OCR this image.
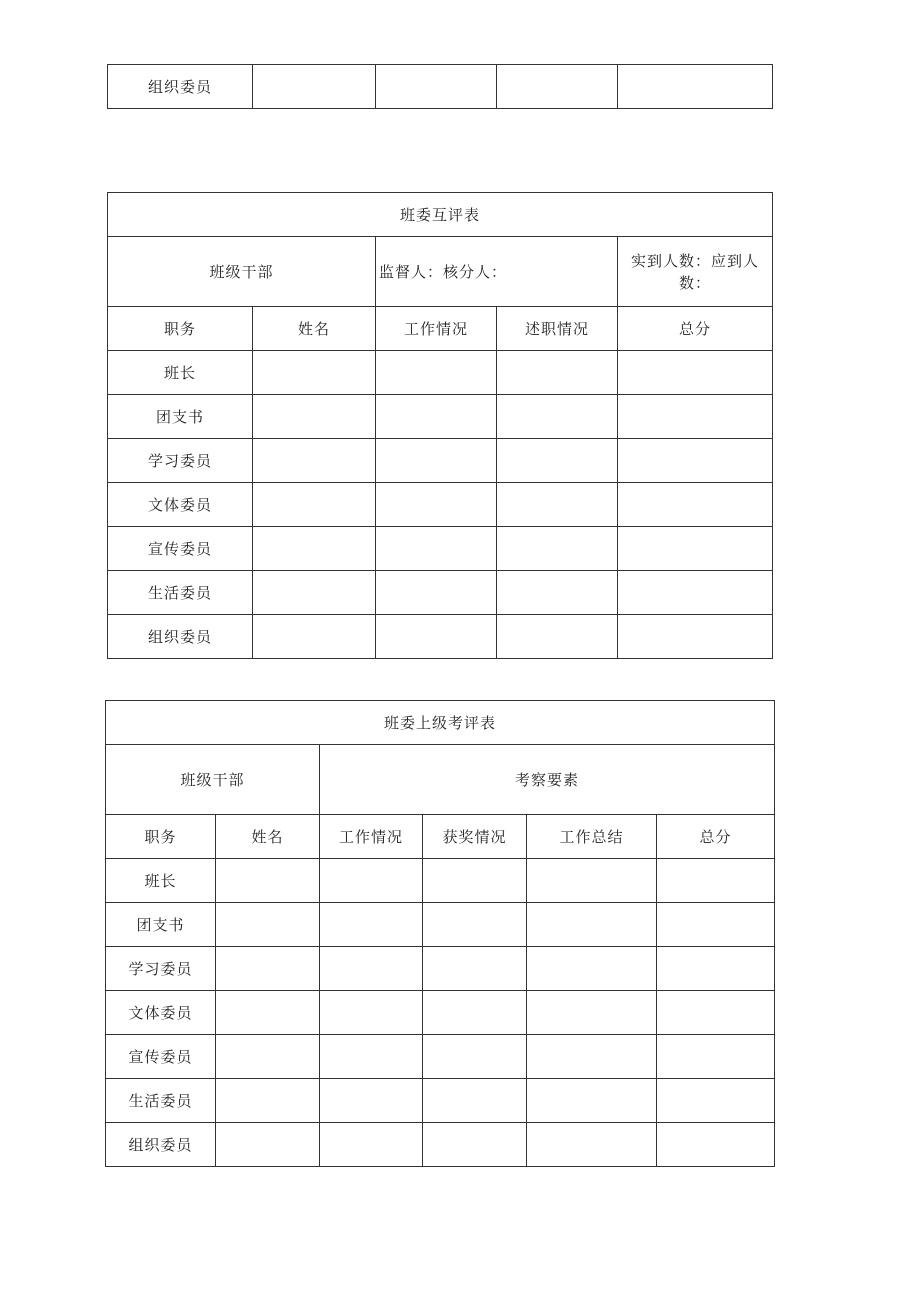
组织委员				
班委互评表				
班级干部		监督人：核分人：		实到人数：应到人数：
职务	姓名	工作情况	述职情况	总分
班长				
团支书				
学习委员				
文体委员				
宣传委员				
生活委员				
组织委员				
班委上级考评表					
班级干部		考察要素			
职务	姓名	工作情况	获奖情况	工作总结	总分
班长					
团支书					
学习委员					
文体委员					
宣传委员					
生活委员					
组织委员					
